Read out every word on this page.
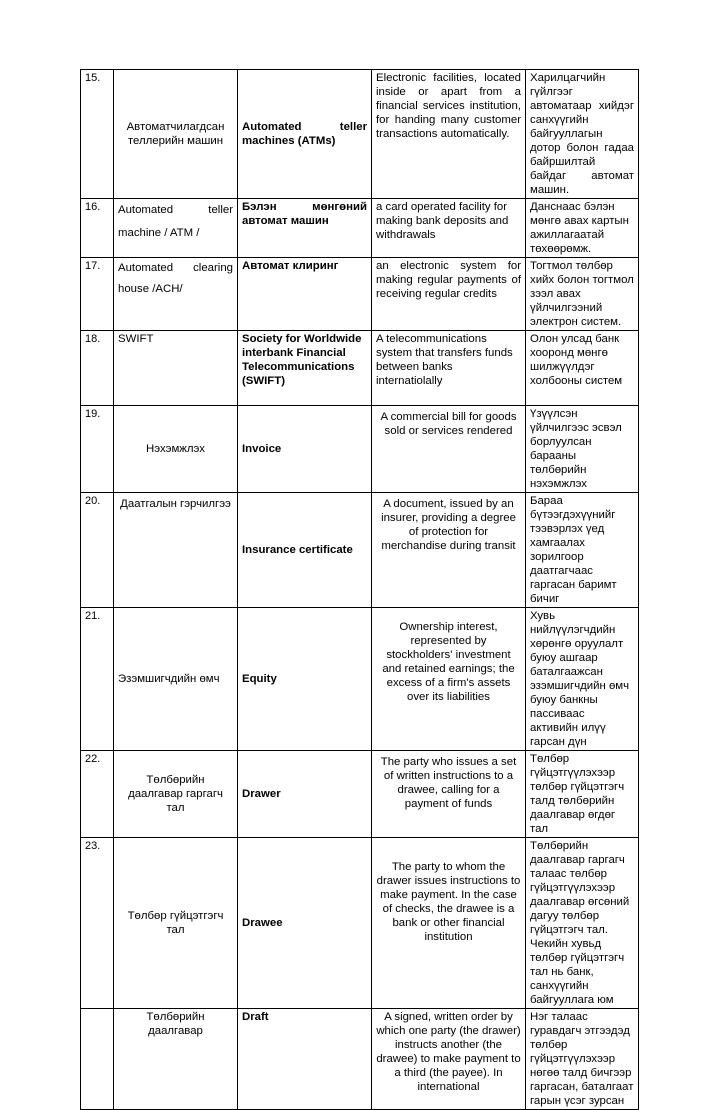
15.	Автоматчилагдсан теллерийн машин	Automated teller machines (ATMs)	Electronic facilities, located inside or apart from a financial services institution, for handing many customer transactions automatically.	Харилцагчийн гүйлгээг автоматаар хийдэг санхүүгийн байгууллагын дотор болон гадаа байршилтай байдаг автомат машин.
16.	Automated teller machine / ATM /	Бэлэн мөнгөний автомат машин	a card operated facility for making bank deposits and withdrawals	Данснаас бэлэн мөнгө авах картын ажиллагаатай төхөөрөмж.
17.	Automated clearing house /ACH/	Автомат клиринг	an electronic system for making regular payments of receiving regular credits	Тогтмол төлбөр хийх болон тогтмол зээл авах үйлчилгээний электрон систем.
18.	SWIFT	Society for Worldwide interbank Financial Telecommunications (SWIFT)	A telecommunications system that transfers funds between banks internatiolally	Олон улсад банк хооронд мөнгө шилжүүлдэг холбооны систем
19.	Нэхэмжлэх	Invoice	A commercial bill for goods sold or services rendered	Үзүүлсэн үйлчилгээс эсвэл борлуулсан барааны төлбөрийн нэхэмжлэх
20.	Даатгалын гэрчилгээ	Insurance certificate	A document, issued by an insurer, providing a degree of protection for merchandise during transit	Бараа бүтээгдэхүүнийг тээвэрлэх үед хамгаалах зорилгоор даатгагчаас гаргасан баримт бичиг
21.	Эзэмшигчдийн өмч	Equity	Ownership interest, represented by stockholders' investment and retained earnings; the excess of a firm's assets over its liabilities	Хувь нийлүүлэгчдийн хөрөнгө оруулалт буюу ашгаар баталгаажсан эзэмшигчдийн өмч буюу банкны пассиваас активийн илүү гарсан дүн
22.	Төлбөрийн даалгавар гаргагч тал	Drawer	The party who issues a set of written instructions to a drawee, calling for a payment of funds	Төлбөр гүйцэтгүүлэхээр төлбөр гүйцэтгэгч талд төлбөрийн даалгавар өгдөг тал
23.	Төлбөр гүйцэтгэгч тал	Drawee	The party to whom the drawer issues instructions to make payment. In the case of checks, the drawee is a bank or other financial institution	Төлбөрийн даалгавар гаргагч талаас төлбөр гүйцэтгүүлэхээр даалгавар өгсөний дагуу төлбөр гүйцэтгэгч тал. Чекийн хувьд төлбөр гүйцэтгэгч тал нь банк, санхүүгийн байгууллага юм
	Төлбөрийн даалгавар	Draft	A signed, written order by which one party (the drawer) instructs another (the drawee) to make payment to a third (the payee). In international	Нэг талаас гуравдагч этгээдэд төлбөр гүйцэтгүүлэхээр нөгөө талд бичгээр гаргасан, баталгаат гарын үсэг зурсан
